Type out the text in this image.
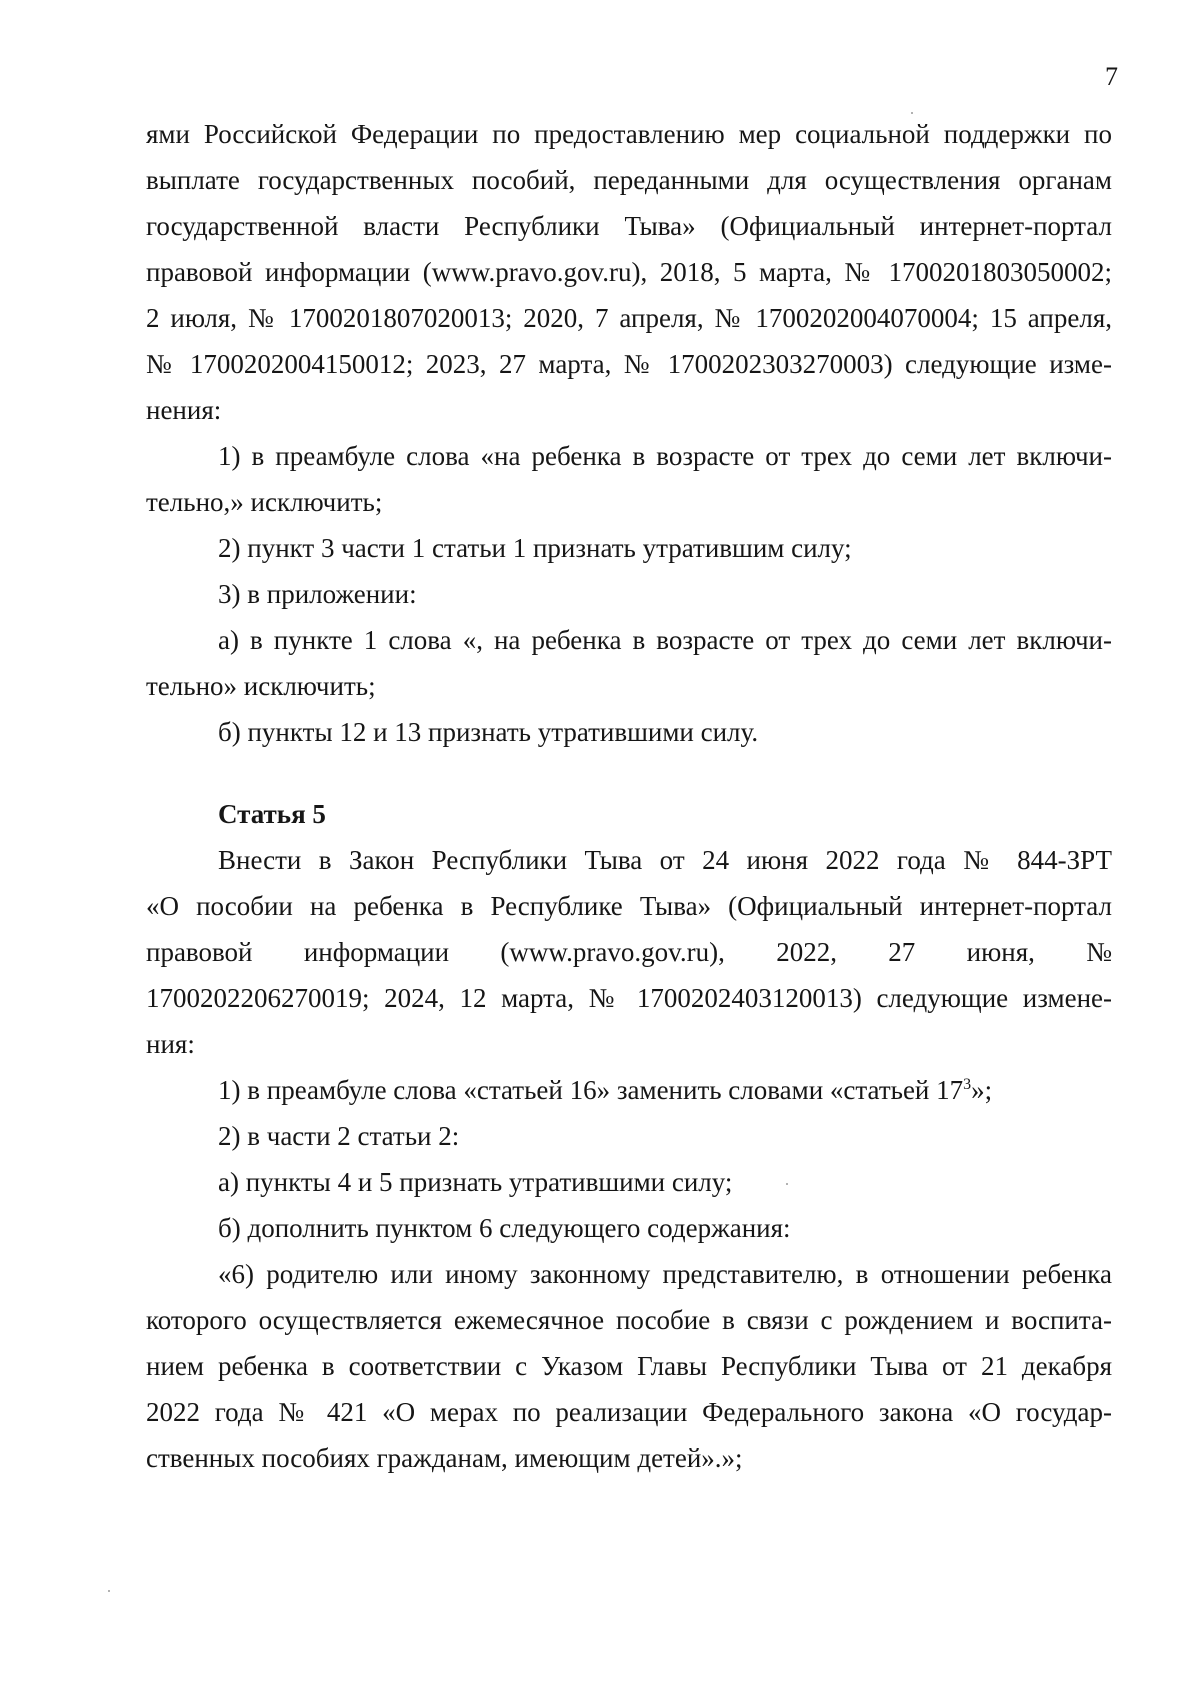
7
ями Российской Федерации по предоставлению мер социальной поддержки по
выплате государственных пособий, переданными для осуществления органам
государственной власти Республики Тыва» (Официальный интернет-портал
правовой информации (www.pravo.gov.ru), 2018, 5 марта, № 1700201803050002;
2 июля, № 1700201807020013; 2020, 7 апреля, № 1700202004070004; 15 апреля,
№ 1700202004150012; 2023, 27 марта, № 1700202303270003) следующие изме-
нения:
1) в преамбуле слова «на ребенка в возрасте от трех до семи лет включи-
тельно,» исключить;
2) пункт 3 части 1 статьи 1 признать утратившим силу;
3) в приложении:
а) в пункте 1 слова «, на ребенка в возрасте от трех до семи лет включи-
тельно» исключить;
б) пункты 12 и 13 признать утратившими силу.
Статья 5
Внести в Закон Республики Тыва от 24 июня 2022 года № 844-ЗРТ
«О пособии на ребенка в Республике Тыва» (Официальный интернет-портал
правовой информации (www.pravo.gov.ru), 2022, 27 июня, №
1700202206270019; 2024, 12 марта, № 1700202403120013) следующие измене-
ния:
1) в преамбуле слова «статьей 16» заменить словами «статьей $17^3$»;
2) в части 2 статьи 2:
а) пункты 4 и 5 признать утратившими силу;
б) дополнить пунктом 6 следующего содержания:
«6) родителю или иному законному представителю, в отношении ребенка
которого осуществляется ежемесячное пособие в связи с рождением и воспита-
нием ребенка в соответствии с Указом Главы Республики Тыва от 21 декабря
2022 года № 421 «О мерах по реализации Федерального закона «О государ-
ственных пособиях гражданам, имеющим детей».»;
